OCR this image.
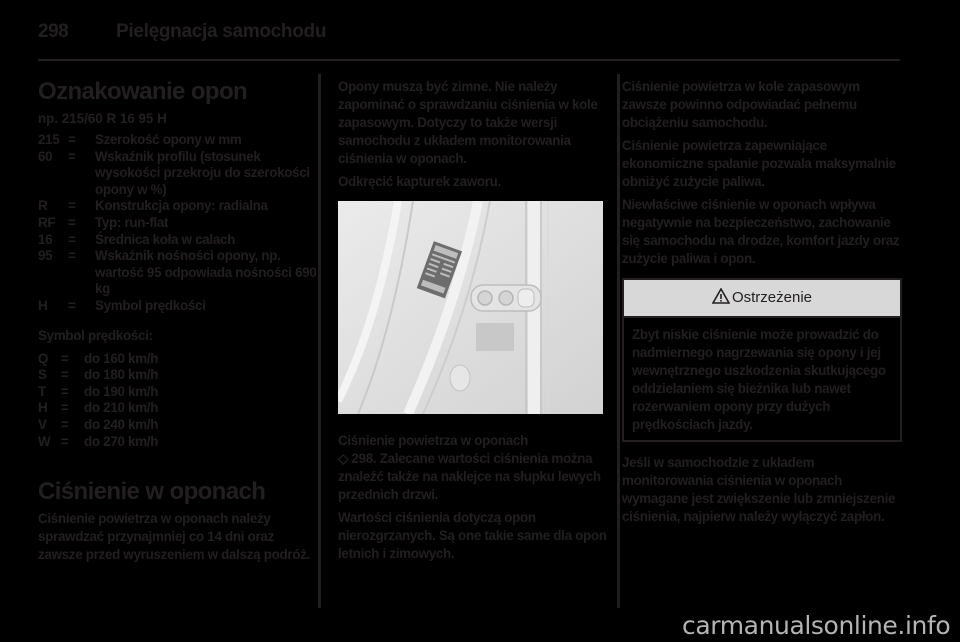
298	Pielęgnacja samochodu
Oznakowanie opon
np. 215/60 R 16 95 H
215 =	Szerokość opony w mm
60	=	Wskaźnik profilu (stosunek wysokości przekroju do szerokości opony w %)
R	=	Konstrukcja opony: radialna
RF =	Typ: run-flat
16	=	Średnica koła w calach
95	=	Wskaźnik nośności opony, np. wartość 95 odpowiada nośności 690 kg
H	=	Symbol prędkości
Symbol prędkości:
Q =	do 160 km/h
S	=	do 180 km/h
T	=	do 190 km/h
H	=	do 210 km/h
V	=	do 240 km/h
W =	do 270 km/h
Ciśnienie w oponach

Ciśnienie powietrza w oponach należy sprawdzać przynajmniej co 14 dni oraz zawsze przed wyruszeniem w dalszą podróż.

Opony muszą być zimne. Nie należy zapominać o sprawdzaniu ciśnienia w kole zapasowym. Dotyczy to także wersji samochodu z układem monitorowania ciśnienia w oponach.

Odkręcić kapturek zaworu.

Ciśnienie powietrza w oponach
◇ 298. Zalecane wartości ciśnienia można znaleźć także na naklejce na słupku lewych przednich drzwi.

Wartości ciśnienia dotyczą opon nierozgrzanych. Są one takie same dla opon letnich i zimowych.

Ciśnienie powietrza w kole zapasowym zawsze powinno odpowiadać pełnemu obciążeniu samochodu.

Ciśnienie powietrza zapewniające ekonomiczne spalanie pozwala maksymalnie obniżyć zużycie paliwa.

Niewłaściwe ciśnienie w oponach wpływa negatywnie na bezpieczeństwo, zachowanie się samochodu na drodze, komfort jazdy oraz zużycie paliwa i opon.

Ostrzeżenie
Zbyt niskie ciśnienie może prowadzić do nadmiernego nagrzewania się opony i jej wewnętrznego uszkodzenia skutkującego oddzielaniem się bieżnika lub nawet rozerwaniem opony przy dużych prędkościach jazdy.

Jeśli w samochodzie z układem monitorowania ciśnienia w oponach wymagane jest zwiększenie lub zmniejszenie ciśnienia, najpierw należy wyłączyć zapłon.

carmanualsonline.info
